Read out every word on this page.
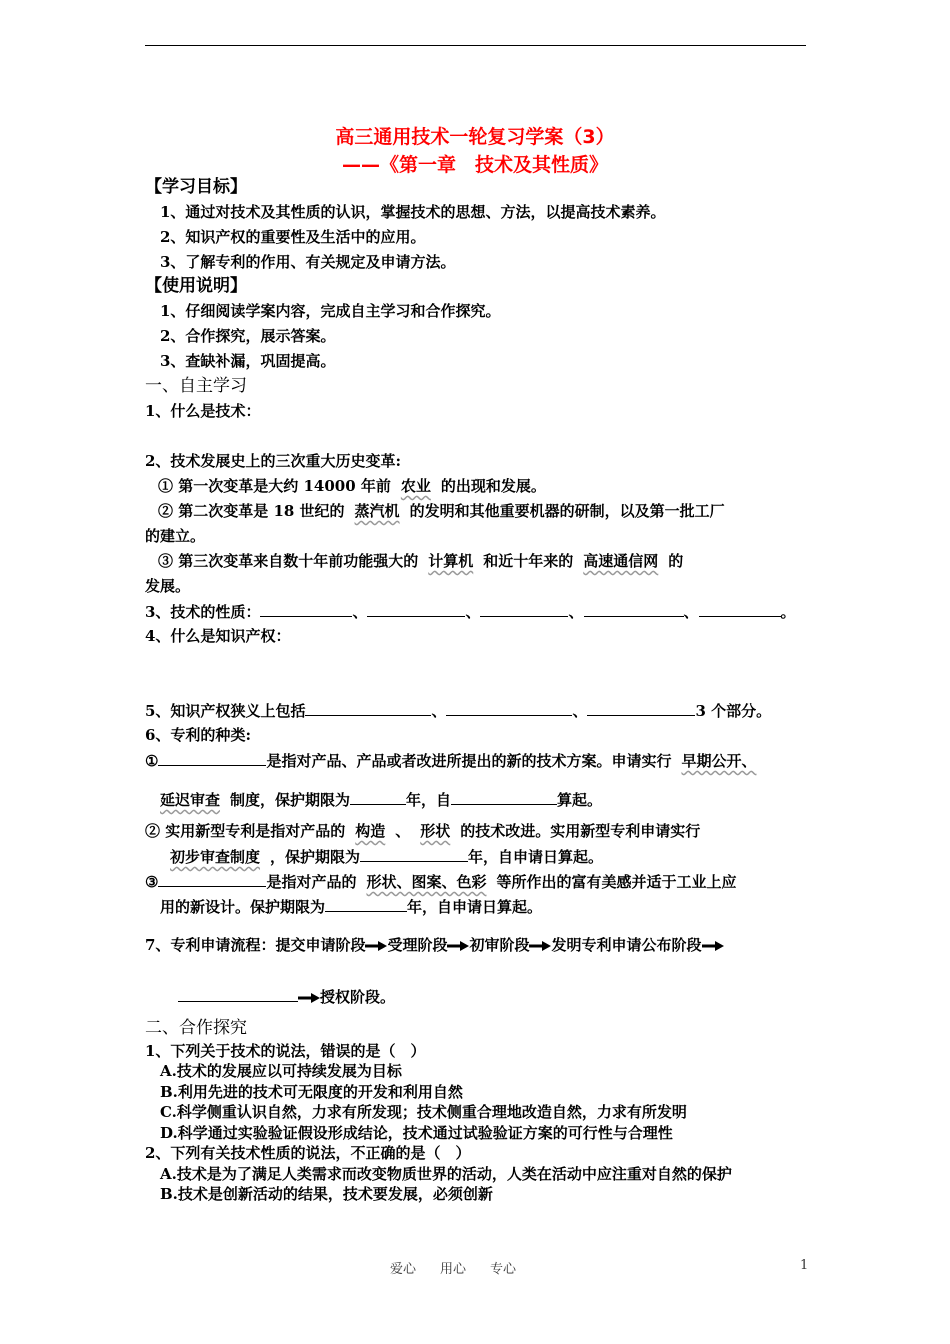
高三通用技术一轮复习学案（3）
——《第一章　技术及其性质》
【学习目标】
1、通过对技术及其性质的认识，掌握技术的思想、方法，以提高技术素养。
2、知识产权的重要性及生活中的应用。
3、了解专利的作用、有关规定及申请方法。
【使用说明】
1、仔细阅读学案内容，完成自主学习和合作探究。
2、合作探究，展示答案。
3、查缺补漏，巩固提高。
一、自主学习
1、什么是技术：
2、技术发展史上的三次重大历史变革:
① 第一次变革是大约 14000 年前 农业 的出现和发展。
② 第二次变革是 18 世纪的 蒸汽机 的发明和其他重要机器的研制，以及第一批工厂
的建立。
③ 第三次变革来自数十年前功能强大的 计算机 和近十年来的 高速通信网 的
发展。
3、技术的性质：	、	、	、	、	。
4、什么是知识产权：
5、知识产权狭义上包括	、	、	3 个部分。
6、专利的种类:
①	是指对产品、产品或者改进所提出的新的技术方案。申请实行 早期公开、
延迟审查 制度，保护期限为	年，自	算起。
② 实用新型专利是指对产品的 构造 、 形状 的技术改进。实用新型专利申请实行
初步审查制度 ，保护期限为	年，自申请日算起。
③	是指对产品的 形状、图案、色彩 等所作出的富有美感并适于工业上应
用的新设计。保护期限为	年，自申请日算起。
7、专利申请流程：提交申请阶段 受理阶段 初审阶段 发明专利申请公布阶段
授权阶段。
二、合作探究
1、下列关于技术的说法，错误的是（　）
A.技术的发展应以可持续发展为目标
B.利用先进的技术可无限度的开发和利用自然
C.科学侧重认识自然，力求有所发现；技术侧重合理地改造自然，力求有所发明
D.科学通过实验验证假设形成结论，技术通过试验验证方案的可行性与合理性
2、下列有关技术性质的说法，不正确的是（　）
A.技术是为了满足人类需求而改变物质世界的活动，人类在活动中应注重对自然的保护
B.技术是创新活动的结果，技术要发展，必须创新
爱心 用心 专心	1
